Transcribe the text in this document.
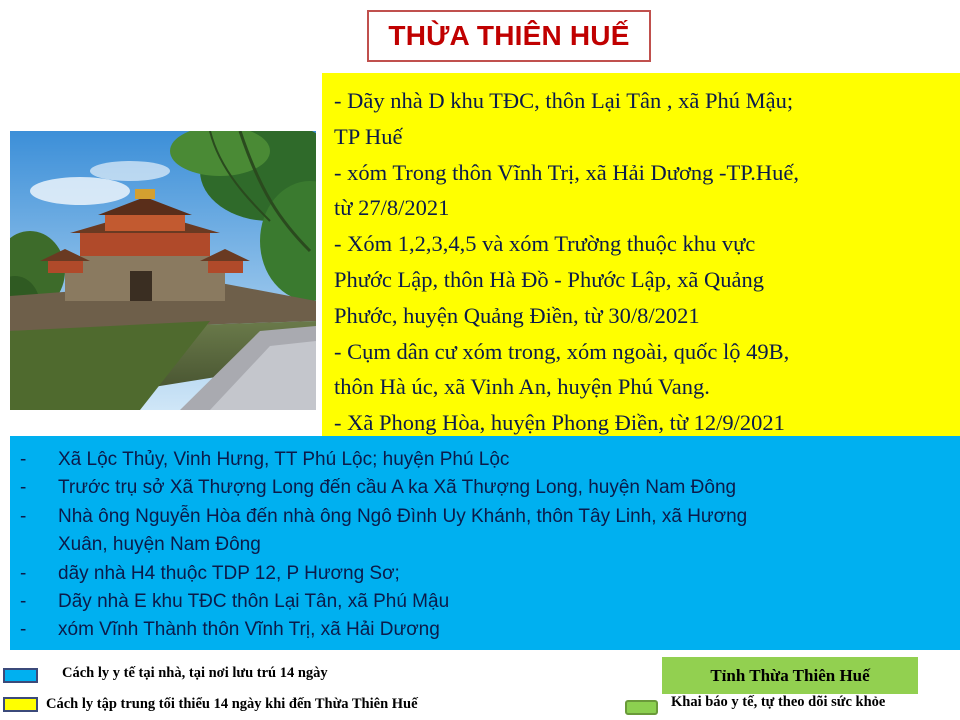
THỪA THIÊN HUẾ
- Dãy nhà D khu TĐC, thôn Lại Tân , xã Phú Mậu;
TP Huế
- xóm Trong thôn Vĩnh Trị, xã Hải Dương -TP.Huế,
từ 27/8/2021
- Xóm 1,2,3,4,5 và xóm Trường thuộc khu vực
Phước Lập, thôn Hà Đồ - Phước Lập, xã Quảng
Phước, huyện Quảng Điền, từ 30/8/2021
- Cụm dân cư xóm trong, xóm ngoài, quốc lộ 49B,
thôn Hà úc, xã Vinh An, huyện Phú Vang.
- Xã Phong Hòa, huyện Phong Điền, từ 12/9/2021
-	Xã Lộc Thủy, Vinh Hưng, TT Phú Lộc; huyện Phú Lộc
-	Trước trụ sở Xã Thượng Long đến cầu A ka Xã Thượng Long, huyện Nam Đông
-	Nhà ông Nguyễn Hòa đến nhà ông Ngô Đình Uy Khánh, thôn Tây Linh, xã Hương
Xuân, huyện Nam Đông
-	dãy nhà H4 thuộc TDP 12, P Hương Sơ;
-	Dãy nhà E khu TĐC thôn Lại Tân, xã Phú Mậu
-	xóm Vĩnh Thành thôn Vĩnh Trị, xã Hải Dương
Cách ly y tế tại nhà, tại nơi lưu trú 14 ngày
Cách ly tập trung tối thiểu 14 ngày khi đến Thừa Thiên Huế
Tỉnh Thừa Thiên Huế
Khai báo y tế, tự theo dõi sức khỏe
